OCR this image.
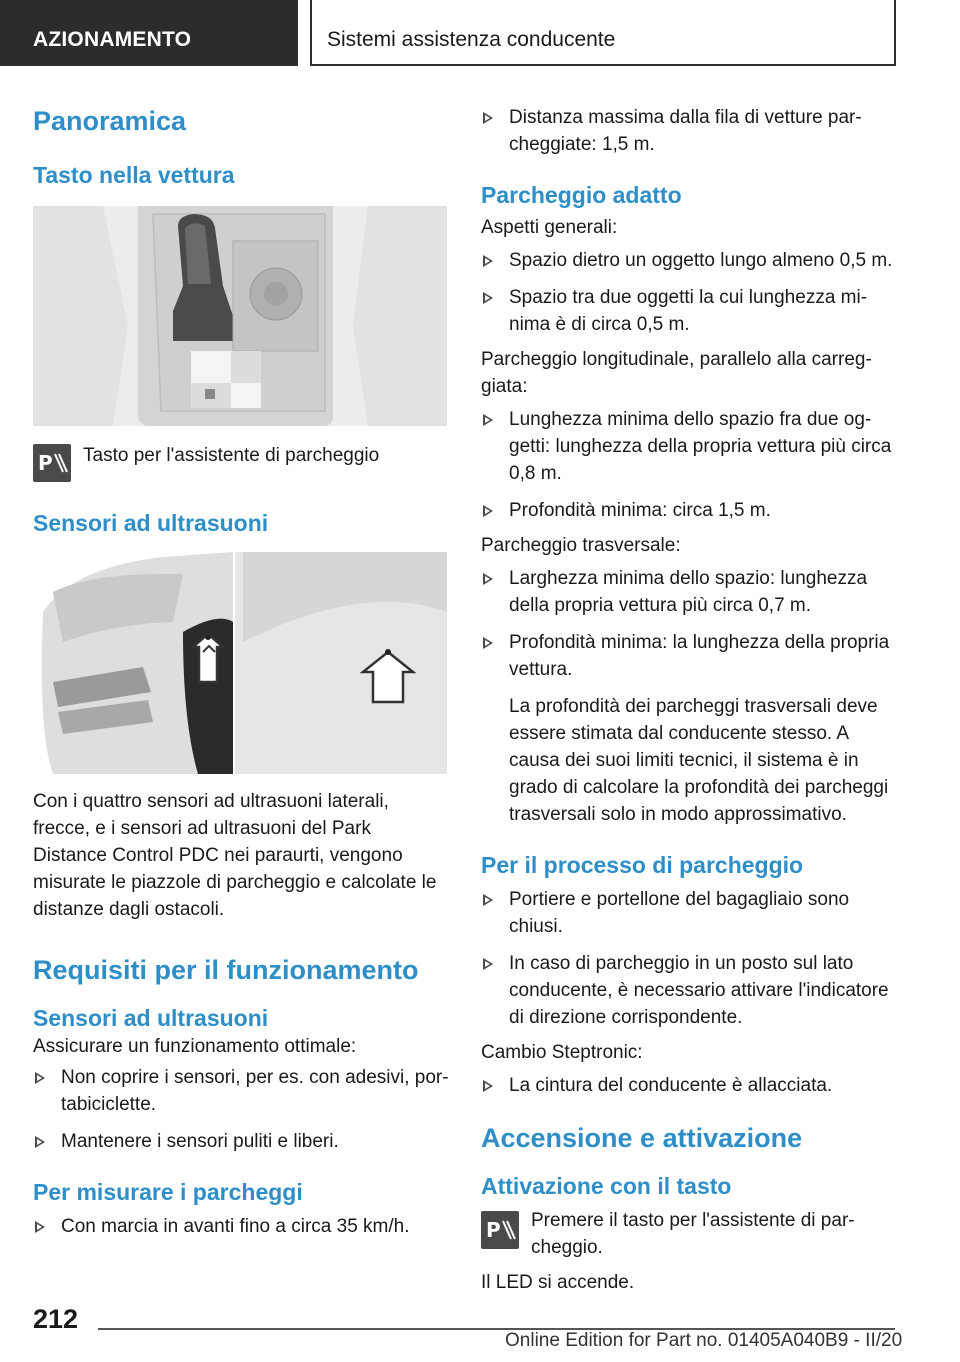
AZIONAMENTO	Sistemi assistenza conducente
Panoramica
Tasto nella vettura
P	Tasto per l'assistente di parcheggio
Sensori ad ultrasuoni

Con i quattro sensori ad ultrasuoni laterali, frecce, e i sensori ad ultrasuoni del Park Distance Control PDC nei paraurti, vengono misurate le piazzole di parcheggio e calcolate le distanze dagli ostacoli.

Requisiti per il funzionamento
Sensori ad ultrasuoni

Assicurare un funzionamento ottimale:

Non coprire i sensori, per es. con adesivi, portabiciclette.
Mantenere i sensori puliti e liberi.
Per misurare i parcheggi
Con marcia in avanti fino a circa 35 km/h.
Distanza massima dalla fila di vetture parcheggiate: 1,5 m.
Parcheggio adatto

Aspetti generali:

Spazio dietro un oggetto lungo almeno 0,5 m.
Spazio tra due oggetti la cui lunghezza minima è di circa 0,5 m.

Parcheggio longitudinale, parallelo alla carreggiata:

Lunghezza minima dello spazio fra due oggetti: lunghezza della propria vettura più circa 0,8 m.
Profondità minima: circa 1,5 m.

Parcheggio trasversale:

Larghezza minima dello spazio: lunghezza della propria vettura più circa 0,7 m.
Profondità minima: la lunghezza della propria vettura.

La profondità dei parcheggi trasversali deve essere stimata dal conducente stesso. A causa dei suoi limiti tecnici, il sistema è in grado di calcolare la profondità dei parcheggi trasversali solo in modo approssimativo.

Per il processo di parcheggio
Portiere e portellone del bagagliaio sono chiusi.
In caso di parcheggio in un posto sul lato conducente, è necessario attivare l'indicatore di direzione corrispondente.

Cambio Steptronic:

La cintura del conducente è allacciata.
Accensione e attivazione
Attivazione con il tasto
P	Premere il tasto per l'assistente di parcheggio.

Il LED si accende.

212
Online Edition for Part no. 01405A040B9 - II/20
